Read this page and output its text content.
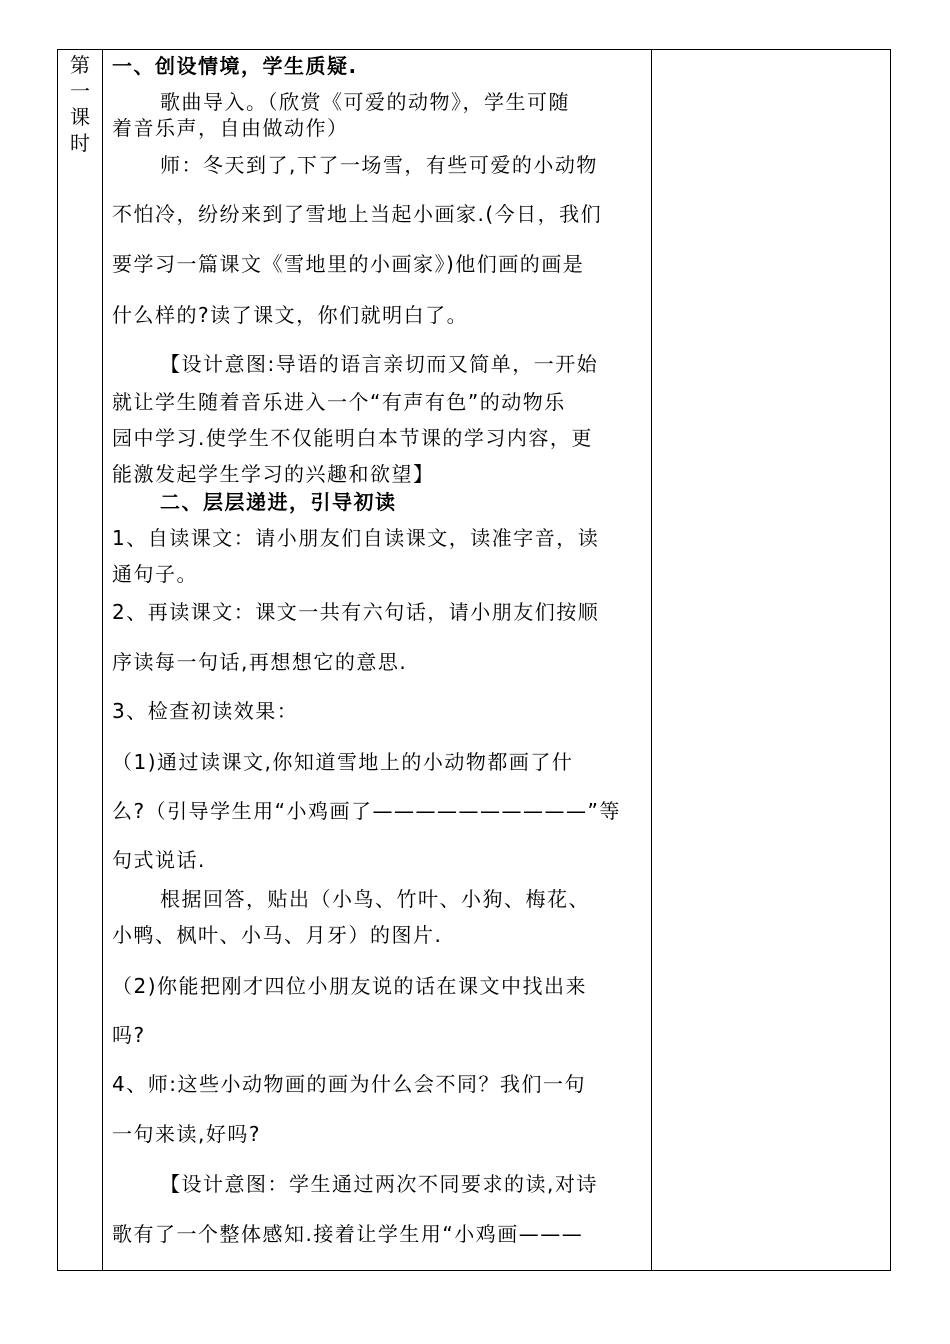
第
一
课
时
一、创设情境，学生质疑.
歌曲导入。（欣赏《可爱的动物》，学生可随
着音乐声，自由做动作）
师：冬天到了,下了一场雪，有些可爱的小动物
不怕冷，纷纷来到了雪地上当起小画家.(今日，我们
要学习一篇课文《雪地里的小画家》)他们画的画是
什么样的?读了课文，你们就明白了。
【设计意图:导语的语言亲切而又简单，一开始
就让学生随着音乐进入一个“有声有色”的动物乐
园中学习.使学生不仅能明白本节课的学习内容，更
能激发起学生学习的兴趣和欲望】
二、层层递进，引导初读
1、自读课文：请小朋友们自读课文，读准字音，读
通句子。
2、再读课文：课文一共有六句话，请小朋友们按顺
序读每一句话,再想想它的意思.
3、检查初读效果：
（1)通过读课文,你知道雪地上的小动物都画了什
么?（引导学生用“小鸡画了——————————”等
句式说话.
根据回答，贴出（小鸟、竹叶、小狗、梅花、
小鸭、枫叶、小马、月牙）的图片.
（2)你能把刚才四位小朋友说的话在课文中找出来
吗?
4、师:这些小动物画的画为什么会不同？我们一句
一句来读,好吗?
【设计意图：学生通过两次不同要求的读,对诗
歌有了一个整体感知.接着让学生用“小鸡画———
